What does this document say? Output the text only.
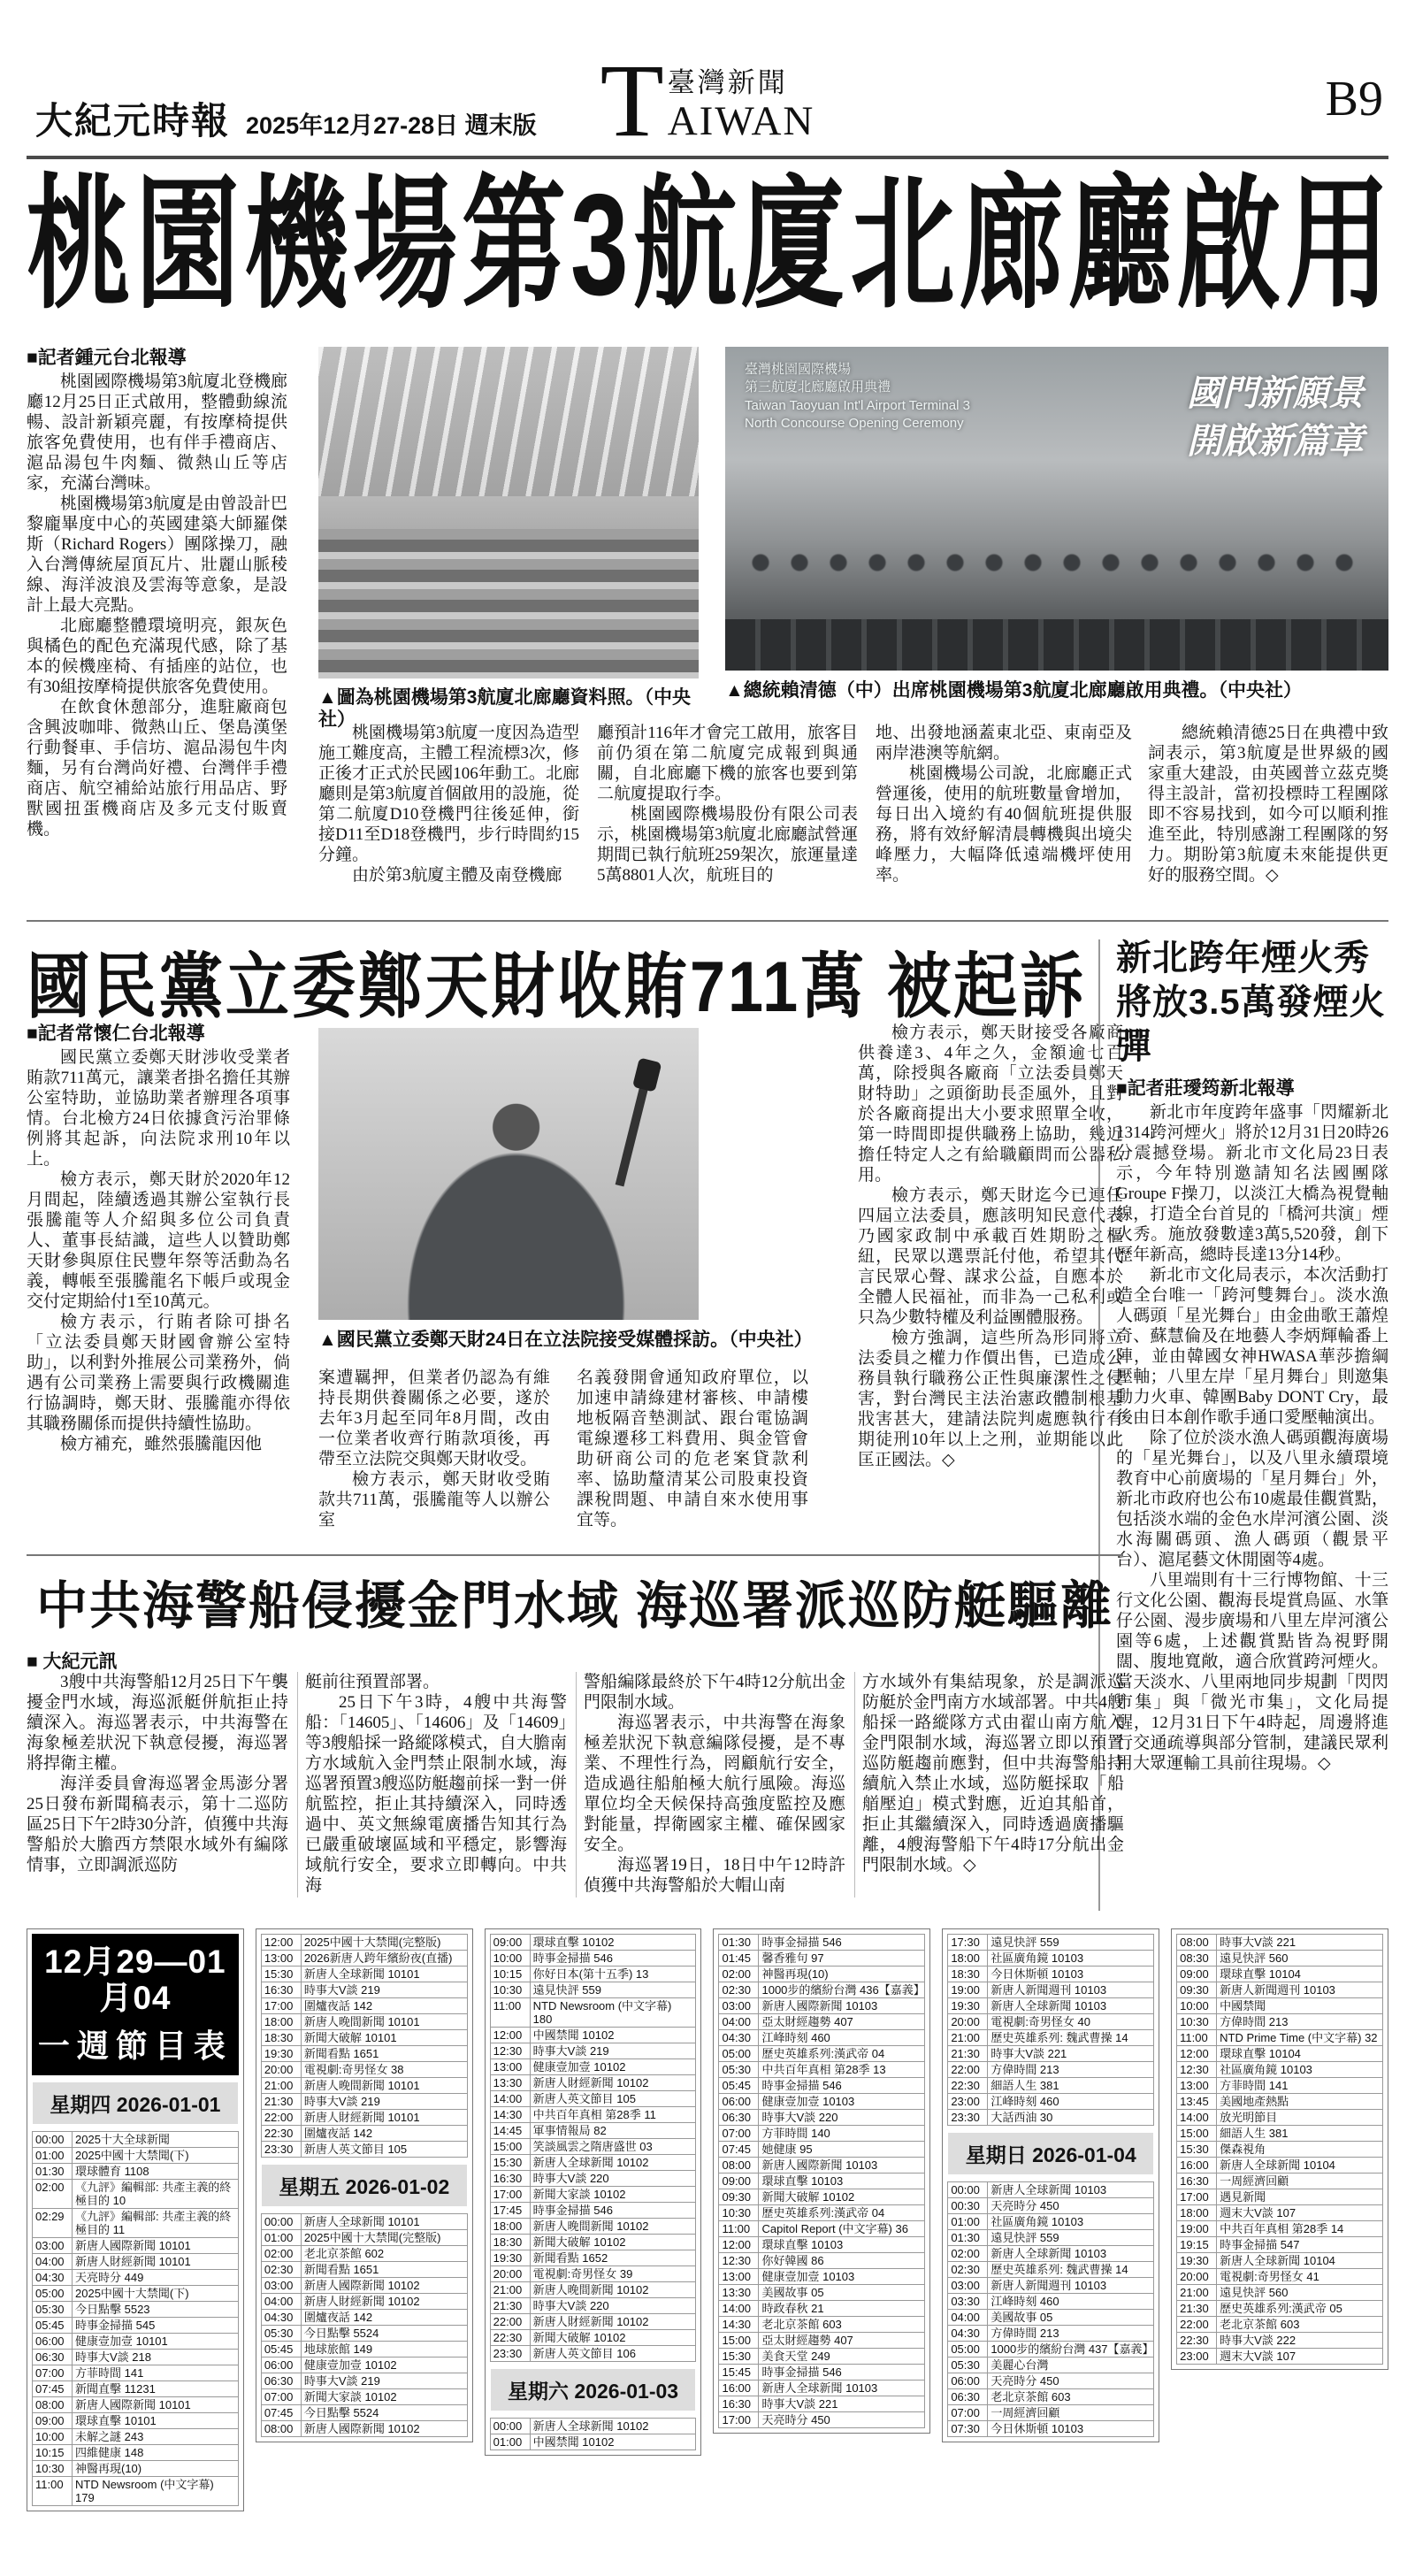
大紀元時報 2025年12月27-28日 週末版 T 臺灣新聞
AIWAN	B9
桃園機場第3航廈北廊廳啟用
■記者鍾元台北報導

桃園國際機場第3航廈北登機廊廳12月25日正式啟用，整體動線流暢、設計新穎亮麗，有按摩椅提供旅客免費使用，也有伴手禮商店、滬品湯包牛肉麵、微熱山丘等店家，充滿台灣味。

桃園機場第3航廈是由曾設計巴黎龐畢度中心的英國建築大師羅傑斯（Richard Rogers）團隊操刀，融入台灣傳統屋頂瓦片、壯麗山脈稜線、海洋波浪及雲海等意象，是設計上最大亮點。

北廊廳整體環境明亮，銀灰色與橘色的配色充滿現代感，除了基本的候機座椅、有插座的站位，也有30組按摩椅提供旅客免費使用。

在飲食休憩部分，進駐廠商包含興波咖啡、微熱山丘、堡島漢堡行動餐車、手信坊、滬品湯包牛肉麵，另有台灣尚好禮、台灣伴手禮商店、航空補給站旅行用品店、野獸國扭蛋機商店及多元支付販賣機。

▲圖為桃園機場第3航廈北廊廳資料照。（中央社）
臺灣桃園國際機場
第三航廈北廊廳啟用典禮
Taiwan Taoyuan Int'l Airport Terminal 3
North Concourse Opening Ceremony
國門新願景
開啟新篇章
▲總統賴清德（中）出席桃園機場第3航廈北廊廳啟用典禮。（中央社）

桃園機場第3航廈一度因為造型施工難度高，主體工程流標3次，修正後才正式於民國106年動工。北廊廳則是第3航廈首個啟用的設施，從第二航廈D10登機門往後延伸，銜接D11至D18登機門，步行時間約15分鐘。

由於第3航廈主體及南登機廊

廳預計116年才會完工啟用，旅客目前仍須在第二航廈完成報到與通關，自北廊廳下機的旅客也要到第二航廈提取行李。

桃園國際機場股份有限公司表示，桃園機場第3航廈北廊廳試營運期間已執行航班259架次，旅運量達5萬8801人次，航班目的

地、出發地涵蓋東北亞、東南亞及兩岸港澳等航網。

桃園機場公司說，北廊廳正式營運後，使用的航班數量會增加，每日出入境約有40個航班提供服務，將有效紓解清晨轉機與出境尖峰壓力，大幅降低遠端機坪使用率。

總統賴清德25日在典禮中致詞表示，第3航廈是世界級的國家重大建設，由英國普立茲克獎得主設計，當初投標時工程團隊即不容易找到，如今可以順利推進至此，特別感謝工程團隊的努力。期盼第3航廈未來能提供更好的服務空間。◇

國民黨立委鄭天財收賄711萬 被起訴
■記者常懷仁台北報導

國民黨立委鄭天財涉收受業者賄款711萬元，讓業者掛名擔任其辦公室特助，並協助業者辦理各項事情。台北檢方24日依據貪污治罪條例將其起訴，向法院求刑10年以上。

檢方表示，鄭天財於2020年12月間起，陸續透過其辦公室執行長張騰龍等人介紹與多位公司負責人、董事長結識，這些人以贊助鄭天財參與原住民豐年祭等活動為名義，轉帳至張騰龍名下帳戶或現金交付定期給付1至10萬元。

檢方表示，行賄者除可掛名「立法委員鄭天財國會辦公室特助」，以利對外推展公司業務外，倘遇有公司業務上需要與行政機關進行協調時，鄭天財、張騰龍亦得依其職務關係而提供持續性協助。

檢方補充，雖然張騰龍因他

▲國民黨立委鄭天財24日在立法院接受媒體採訪。（中央社）

案遭羈押，但業者仍認為有維持長期供養關係之必要，遂於去年3月起至同年8月間，改由一位業者收齊行賄款項後，再帶至立法院交與鄭天財收受。

檢方表示，鄭天財收受賄款共711萬，張騰龍等人以辦公室

名義發開會通知政府單位，以加速申請綠建材審核、申請樓地板隔音墊測試、跟台電協調電線遷移工料費用、與金管會助研商公司的危老案貸款利率、協助釐清某公司股東投資課稅問題、申請自來水使用事宜等。

檢方表示，鄭天財接受各廠商供養達3、4年之久，金額逾七百萬，除授與各廠商「立法委員鄭天財特助」之頭銜助長歪風外，且對於各廠商提出大小要求照單全收，第一時間即提供職務上協助，幾近擔任特定人之有給職顧問而公器私用。

檢方表示，鄭天財迄今已連任四屆立法委員，應該明知民意代表乃國家政制中承載百姓期盼之樞紐，民眾以選票託付他，希望其代言民眾心聲、謀求公益，自應本於全體人民福祉，而非為一己私利或只為少數特權及利益團體服務。

檢方強調，這些所為形同將立法委員之權力作價出售，已造成公務員執行職務公正性與廉潔性之侵害，對台灣民主法治憲政體制根基戕害甚大，建請法院判處應執行有期徒刑10年以上之刑，並期能以此匡正國法。◇

新北跨年煙火秀
將放3.5萬發煙火彈
■記者莊璦筠新北報導

新北市年度跨年盛事「閃耀新北1314跨河煙火」將於12月31日20時26分震撼登場。新北市文化局23日表示，今年特別邀請知名法國團隊Groupe F操刀，以淡江大橋為視覺軸線，打造全台首見的「橋河共演」煙火秀。施放發數達3萬5,520發，創下歷年新高，總時長達13分14秒。

新北市文化局表示，本次活動打造全台唯一「跨河雙舞台」。淡水漁人碼頭「星光舞台」由金曲歌王蕭煌奇、蘇慧倫及在地藝人李炳輝輪番上陣，並由韓國女神HWASA華莎擔綱壓軸；八里左岸「星月舞台」則邀集動力火車、韓團Baby DONT Cry，最後由日本創作歌手通口愛壓軸演出。

除了位於淡水漁人碼頭觀海廣場的「星光舞台」，以及八里永續環境教育中心前廣場的「星月舞台」外，新北市政府也公布10處最佳觀賞點，包括淡水端的金色水岸河濱公園、淡水海關碼頭、漁人碼頭（觀景平台）、滬尾藝文休閒園等4處。

八里端則有十三行博物館、十三行文化公園、觀海長堤賞鳥區、水筆仔公園、漫步廣場和八里左岸河濱公園等6處，上述觀賞點皆為視野開闊、腹地寬敞，適合欣賞跨河煙火。當天淡水、八里兩地同步規劃「閃閃市集」與「微光市集」，文化局提醒，12月31日下午4時起，周邊將進行交通疏導與部分管制，建議民眾利用大眾運輸工具前往現場。◇

中共海警船侵擾金門水域 海巡署派巡防艇驅離
■ 大紀元訊

3艘中共海警船12月25日下午襲擾金門水域，海巡派艇併航拒止持續深入。海巡署表示，中共海警在海象極差狀況下執意侵擾，海巡署將捍衛主權。

海洋委員會海巡署金馬澎分署25日發布新聞稿表示，第十二巡防區25日下午2時30分許，偵獲中共海警船於大膽西方禁限水域外有編隊情事，立即調派巡防

艇前往預置部署。

25日下午3時，4艘中共海警船：「14605」、「14606」及「14609」等3艘船採一路縱隊模式，自大膽南方水域航入金門禁止限制水域，海巡署預置3艘巡防艇趨前採一對一併航監控，拒止其持續深入，同時透過中、英文無線電廣播告知其行為已嚴重破壞區域和平穩定，影響海域航行安全，要求立即轉向。中共海

警船編隊最終於下午4時12分航出金門限制水域。

海巡署表示，中共海警在海象極差狀況下執意編隊侵擾，是不專業、不理性行為，罔顧航行安全，造成過往船舶極大航行風險。海巡單位均全天候保持高強度監控及應對能量，捍衛國家主權、確保國家安全。

海巡署19日，18日中午12時許偵獲中共海警船於大帽山南

方水域外有集結現象，於是調派巡防艇於金門南方水域部署。中共4艘船採一路縱隊方式由翟山南方航入金門限制水域，海巡署立即以預置巡防艇趨前應對，但中共海警船持續航入禁止水域，巡防艇採取「船艏壓迫」模式對應，近迫其船首，拒止其繼續深入，同時透過廣播驅離，4艘海警船下午4時17分航出金門限制水域。◇

12月29—01月04
一週節目表
星期四 2026-01-01
00:00	2025十大全球新聞
01:00	2025中國十大禁聞(下)
01:30	環球體育 1108
02:00	《九評》編輯部: 共產主義的終極目的 10
02:29	《九評》編輯部: 共產主義的終極目的 11
03:00	新唐人國際新聞 10101
04:00	新唐人財經新聞 10101
04:30	天亮時分 449
05:00	2025中國十大禁聞(下)
05:30	今日點擊 5523
05:45	時事金掃描 545
06:00	健康壹加壹 10101
06:30	時事大V談 218
07:00	方菲時間 141
07:45	新聞直擊 11231
08:00	新唐人國際新聞 10101
09:00	環球直擊 10101
10:00	未解之謎 243
10:15	四維健康 148
10:30	神醫再現(10)
11:00	NTD Newsroom (中文字幕) 179
12:00	2025中國十大禁聞(完整版)
13:00	2026新唐人跨年繽紛夜(直播)
15:30	新唐人全球新聞 10101
16:30	時事大V談 219
17:00	圍爐夜話 142
18:00	新唐人晚間新聞 10101
18:30	新聞大破解 10101
19:30	新聞看點 1651
20:00	電視劇:奇男怪女 38
21:00	新唐人晚間新聞 10101
21:30	時事大V談 219
22:00	新唐人財經新聞 10101
22:30	圍爐夜話 142
23:30	新唐人英文節目 105
星期五 2026-01-02
00:00	新唐人全球新聞 10101
01:00	2025中國十大禁聞(完整版)
02:00	老北京茶館 602
02:30	新聞看點 1651
03:00	新唐人國際新聞 10102
04:00	新唐人財經新聞 10102
04:30	圍爐夜話 142
05:30	今日點擊 5524
05:45	地球旅館 149
06:00	健康壹加壹 10102
06:30	時事大V談 219
07:00	新聞大家談 10102
07:45	今日點擊 5524
08:00	新唐人國際新聞 10102
09:00	環球直擊 10102
10:00	時事金掃描 546
10:15	你好日本(第十五季) 13
10:30	遠見快評 559
11:00	NTD Newsroom (中文字幕) 180
12:00	中國禁聞 10102
12:30	時事大V談 219
13:00	健康壹加壹 10102
13:30	新唐人財經新聞 10102
14:00	新唐人英文節目 105
14:30	中共百年真相 第28季 11
14:45	軍事情報局 82
15:00	笑談風雲之隋唐盛世 03
15:30	新唐人全球新聞 10102
16:30	時事大V談 220
17:00	新聞大家談 10102
17:45	時事金掃描 546
18:00	新唐人晚間新聞 10102
18:30	新聞大破解 10102
19:30	新聞看點 1652
20:00	電視劇:奇男怪女 39
21:00	新唐人晚間新聞 10102
21:30	時事大V談 220
22:00	新唐人財經新聞 10102
22:30	新聞大破解 10102
23:30	新唐人英文節目 106
星期六 2026-01-03
00:00	新唐人全球新聞 10102
01:00	中國禁聞 10102
01:30	時事金掃描 546
01:45	馨香雅句 97
02:00	神醫再現(10)
02:30	1000步的繽紛台灣 436【嘉義】
03:00	新唐人國際新聞 10103
04:00	亞太財經趨勢 407
04:30	江峰時刻 460
05:00	歷史英雄系列:漢武帝 04
05:30	中共百年真相 第28季 13
05:45	時事金掃描 546
06:00	健康壹加壹 10103
06:30	時事大V談 220
07:00	方菲時間 140
07:45	她健康 95
08:00	新唐人國際新聞 10103
09:00	環球直擊 10103
09:30	新聞大破解 10102
10:30	歷史英雄系列:漢武帝 04
11:00	Capitol Report (中文字幕) 36
12:00	環球直擊 10103
12:30	你好韓國 86
13:00	健康壹加壹 10103
13:30	美國故事 05
14:00	時政春秋 21
14:30	老北京茶館 603
15:00	亞太財經趨勢 407
15:30	美食天堂 249
15:45	時事金掃描 546
16:00	新唐人全球新聞 10103
16:30	時事大V談 221
17:00	天亮時分 450
17:30	遠見快評 559
18:00	社區廣角鏡 10103
18:30	今日休斯頓 10103
19:00	新唐人新聞週刊 10103
19:30	新唐人全球新聞 10103
20:00	電視劇:奇男怪女 40
21:00	歷史英雄系列: 魏武曹操 14
21:30	時事大V談 221
22:00	方偉時間 213
22:30	細語人生 381
23:00	江峰時刻 460
23:30	大話西油 30
星期日 2026-01-04
00:00	新唐人全球新聞 10103
00:30	天亮時分 450
01:00	社區廣角鏡 10103
01:30	遠見快評 559
02:00	新唐人全球新聞 10103
02:30	歷史英雄系列: 魏武曹操 14
03:00	新唐人新聞週刊 10103
03:30	江峰時刻 460
04:00	美國故事 05
04:30	方偉時間 213
05:00	1000步的繽紛台灣 437【嘉義】
05:30	美麗心台灣
06:00	天亮時分 450
06:30	老北京茶館 603
07:00	一周經濟回顧
07:30	今日休斯頓 10103
08:00	時事大V談 221
08:30	遠見快評 560
09:00	環球直擊 10104
09:30	新唐人新聞週刊 10103
10:00	中國禁聞
10:30	方偉時間 213
11:00	NTD Prime Time (中文字幕) 32
12:00	環球直擊 10104
12:30	社區廣角鏡 10103
13:00	方菲時間 141
13:45	美國地產熱點
14:00	放光明節目
15:00	細語人生 381
15:30	傑森視角
16:00	新唐人全球新聞 10104
16:30	一周經濟回顧
17:00	遇見新聞
18:00	週末大V談 107
19:00	中共百年真相 第28季 14
19:15	時事金掃描 547
19:30	新唐人全球新聞 10104
20:00	電視劇:奇男怪女 41
21:00	遠見快評 560
21:30	歷史英雄系列:漢武帝 05
22:00	老北京茶館 603
22:30	時事大V談 222
23:00	週末大V談 107
